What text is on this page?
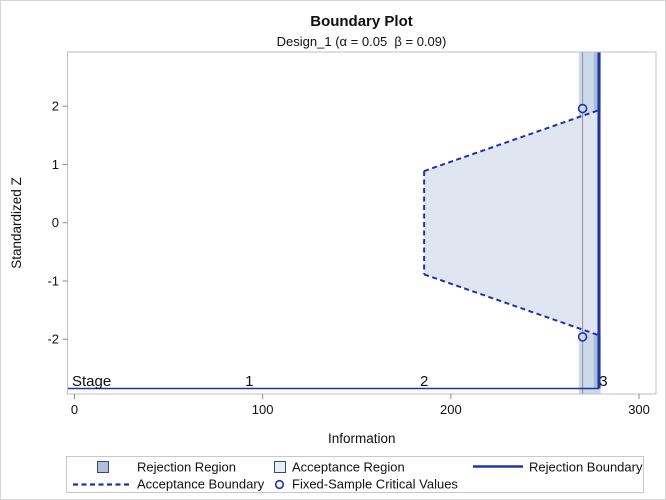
0	100	200	300
-2
-1
0
1
2
Stage	1	2	3
Information
Standardized Z
Boundary Plot
Design_1 (α = 0.05  β = 0.09)
Rejection Region	Acceptance Region	Rejection Boundary
Acceptance Boundary Fixed-Sample Critical Values
